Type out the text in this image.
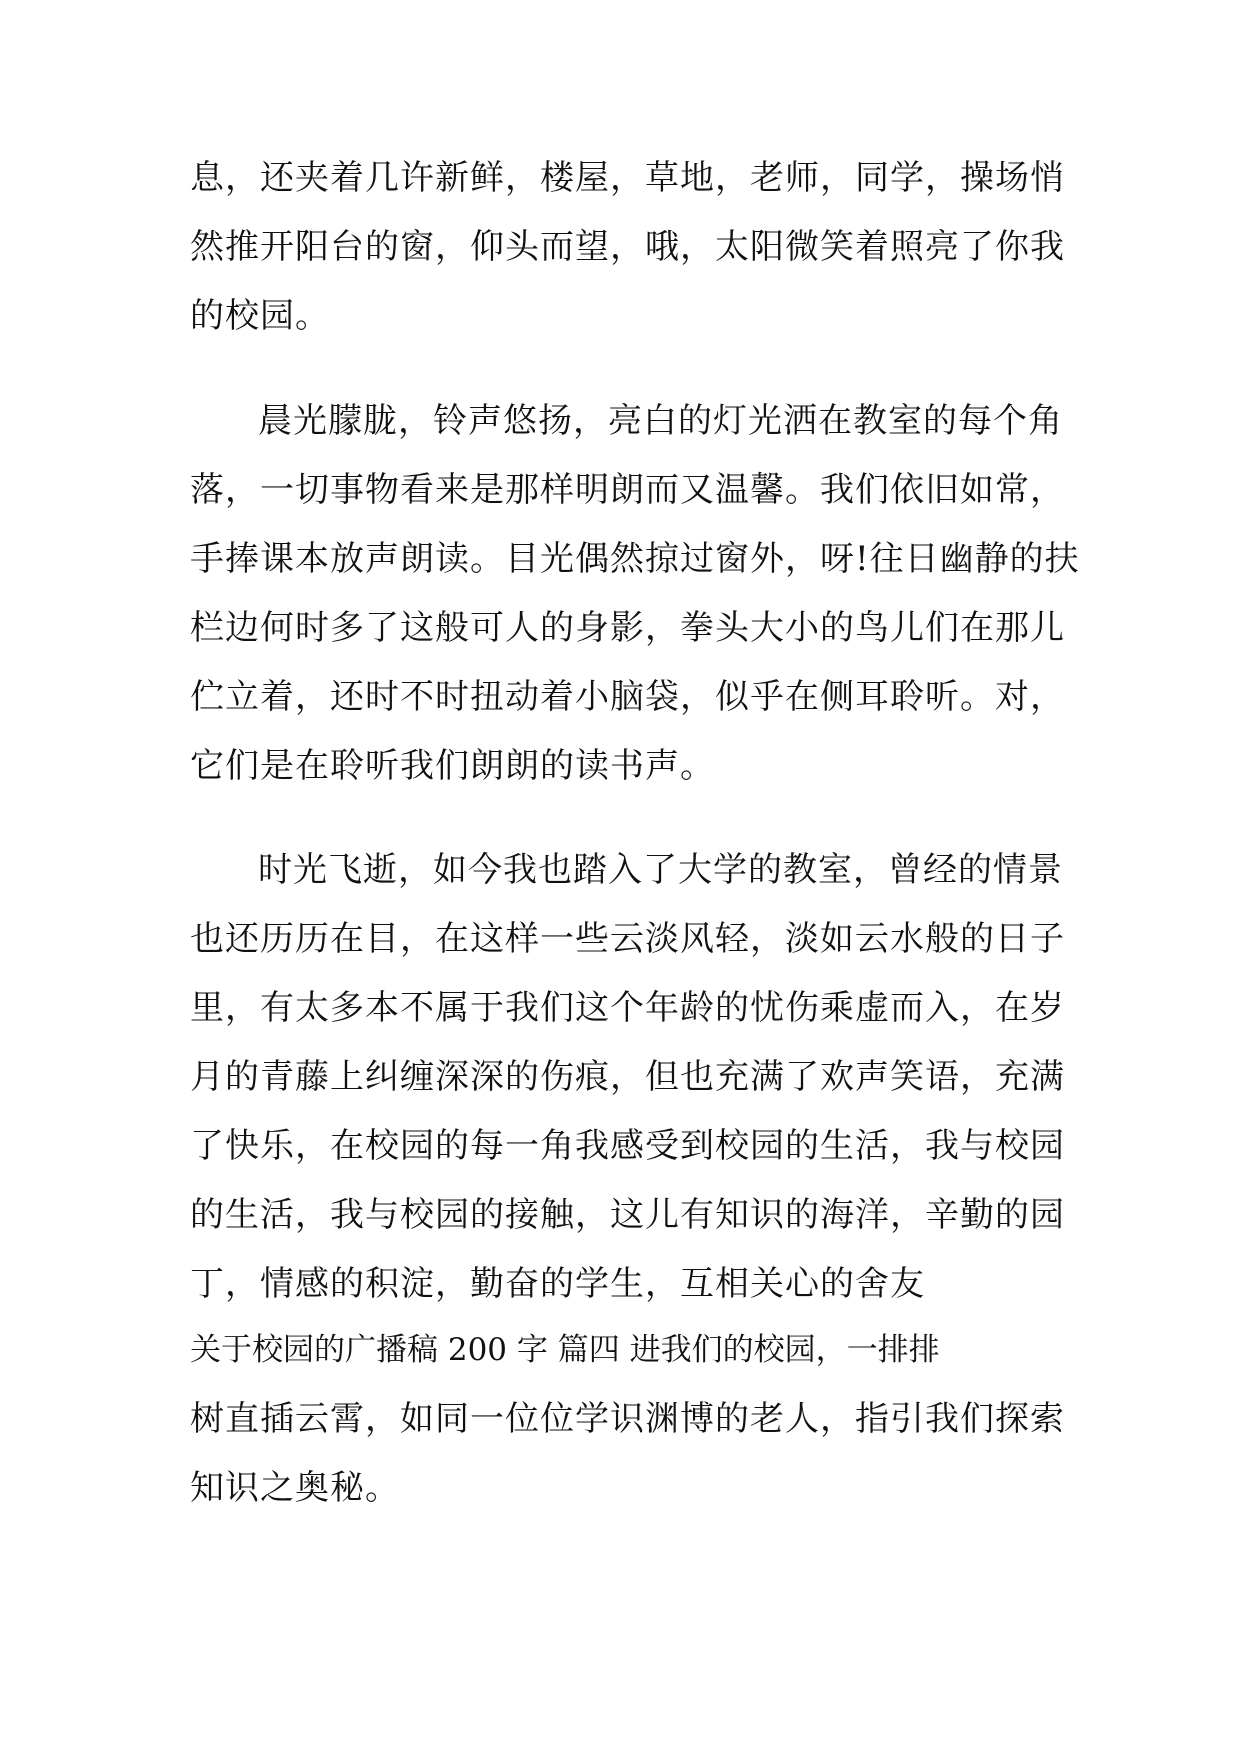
息，还夹着几许新鲜，楼屋，草地，老师，同学，操场悄
然推开阳台的窗，仰头而望，哦，太阳微笑着照亮了你我
的校园。
晨光朦胧，铃声悠扬，亮白的灯光洒在教室的每个角
落，一切事物看来是那样明朗而又温馨。我们依旧如常，
手捧课本放声朗读。目光偶然掠过窗外，呀!往日幽静的扶
栏边何时多了这般可人的身影，拳头大小的鸟儿们在那儿
伫立着，还时不时扭动着小脑袋，似乎在侧耳聆听。对，
它们是在聆听我们朗朗的读书声。
时光飞逝，如今我也踏入了大学的教室，曾经的情景
也还历历在目，在这样一些云淡风轻，淡如云水般的日子
里，有太多本不属于我们这个年龄的忧伤乘虚而入，在岁
月的青藤上纠缠深深的伤痕，但也充满了欢声笑语，充满
了快乐，在校园的每一角我感受到校园的生活，我与校园
的生活，我与校园的接触，这儿有知识的海洋，辛勤的园
丁，情感的积淀，勤奋的学生，互相关心的舍友
关于校园的广播稿 200 字 篇四 进我们的校园，一排排
树直插云霄，如同一位位学识渊博的老人，指引我们探索
知识之奥秘。
